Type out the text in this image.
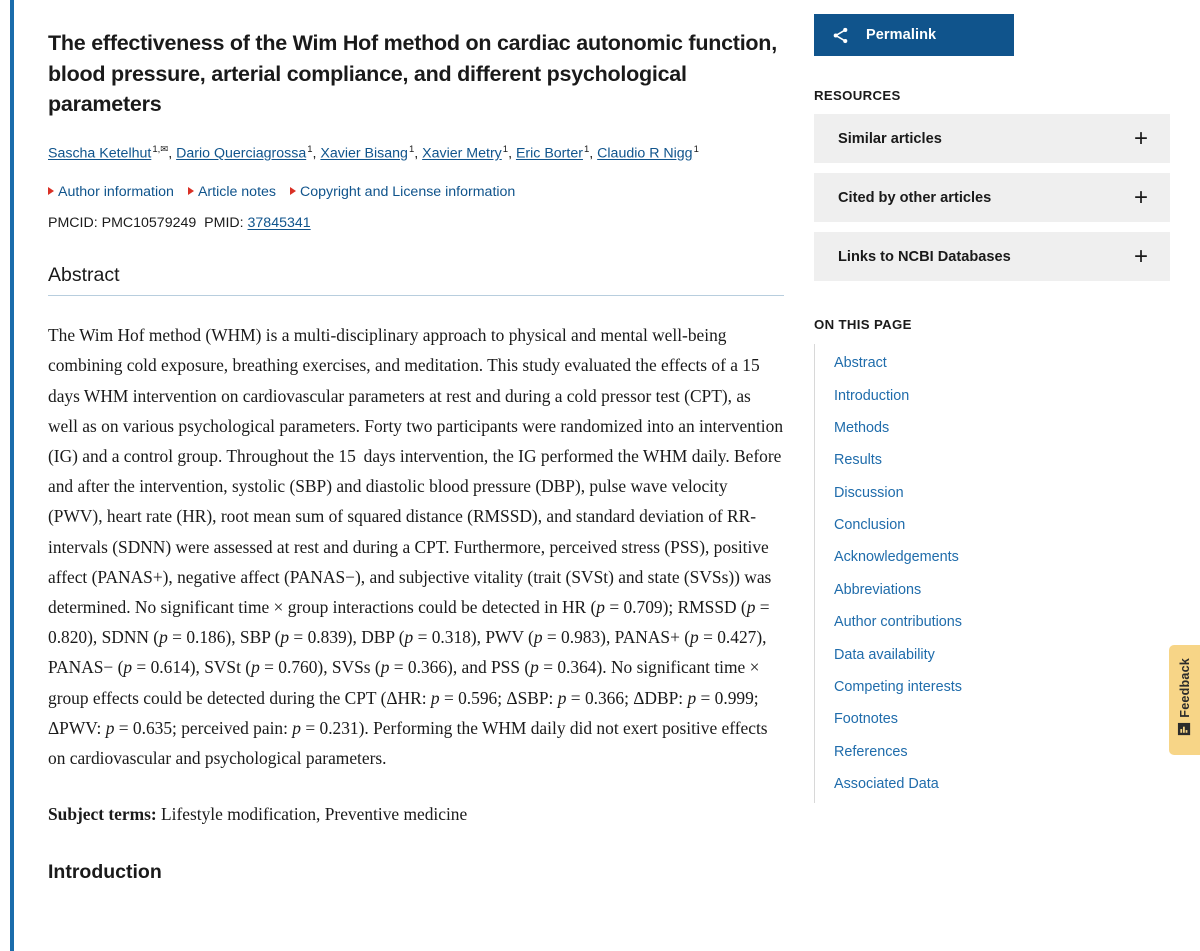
The effectiveness of the Wim Hof method on cardiac autonomic function, blood pressure, arterial compliance, and different psychological parameters
Sascha Ketelhut$^{1,✉}$, Dario Querciagrossa$^1$, Xavier Bisang$^1$, Xavier Metry$^1$, Eric Borter$^1$, Claudio R Nigg$^1$
Author information Article notes Copyright and License information
PMCID: PMC10579249 PMID: 37845341
Abstract
The Wim Hof method (WHM) is a multi-disciplinary approach to physical and mental well-being combining cold exposure, breathing exercises, and meditation. This study evaluated the effects of a 15  days WHM intervention on cardiovascular parameters at rest and during a cold pressor test (CPT), as well as on various psychological parameters. Forty two participants were randomized into an intervention (IG) and a control group. Throughout the 15  days intervention, the IG performed the WHM daily. Before and after the intervention, systolic (SBP) and diastolic blood pressure (DBP), pulse wave velocity (PWV), heart rate (HR), root mean sum of squared distance (RMSSD), and standard deviation of RR-intervals (SDNN) were assessed at rest and during a CPT. Furthermore, perceived stress (PSS), positive affect (PANAS+), negative affect (PANAS−), and subjective vitality (trait (SVSt) and state (SVSs)) was determined. No significant time × group interactions could be detected in HR (p = 0.709); RMSSD (p = 0.820), SDNN (p = 0.186), SBP (p = 0.839), DBP (p = 0.318), PWV (p = 0.983), PANAS+ (p = 0.427), PANAS− (p = 0.614), SVSt (p = 0.760), SVSs (p = 0.366), and PSS (p = 0.364). No significant time × group effects could be detected during the CPT (ΔHR: p = 0.596; ΔSBP: p = 0.366; ΔDBP: p = 0.999; ΔPWV: p = 0.635; perceived pain: p = 0.231). Performing the WHM daily did not exert positive effects on cardiovascular and psychological parameters.
Subject terms: Lifestyle modification, Preventive medicine
Introduction
Permalink
RESOURCES
Similar articles	+
Cited by other articles	+
Links to NCBI Databases	+
ON THIS PAGE
Abstract
Introduction
Methods
Results
Discussion
Conclusion
Acknowledgements
Abbreviations
Author contributions
Data availability
Competing interests
Footnotes
References
Associated Data
Feedback
